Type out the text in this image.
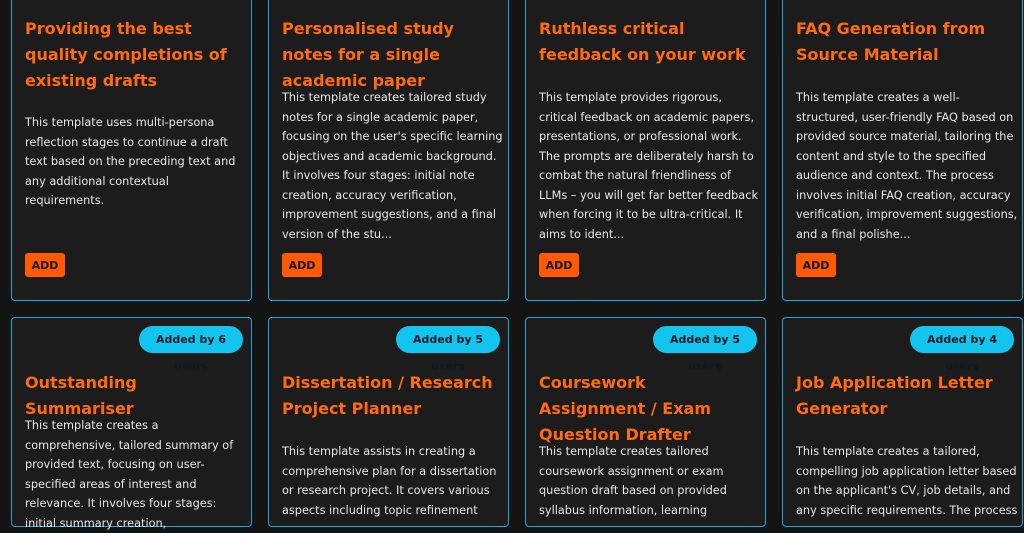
Providing the best quality completions of existing drafts
This template uses multi-persona reflection stages to continue a draft text based on the preceding text and any additional contextual requirements.
ADD
Personalised study notes for a single academic paper
This template creates tailored study notes for a single academic paper, focusing on the user's specific learning objectives and academic background. It involves four stages: initial note creation, accuracy verification, improvement suggestions, and a final version of the stu...
ADD
Ruthless critical feedback on your work
This template provides rigorous, critical feedback on academic papers, presentations, or professional work. The prompts are deliberately harsh to combat the natural friendliness of LLMs – you will get far better feedback when forcing it to be ultra-critical. It aims to ident...
ADD
FAQ Generation from Source Material
This template creates a well-structured, user-friendly FAQ based on provided source material, tailoring the content and style to the specified audience and context. The process involves initial FAQ creation, accuracy verification, improvement suggestions, and a final polishe...
ADD
Added by 6 users
Outstanding Summariser
This template creates a comprehensive, tailored summary of provided text, focusing on user-specified areas of interest and relevance. It involves four stages: initial summary creation,
Added by 5 users
Dissertation / Research Project Planner
This template assists in creating a comprehensive plan for a dissertation or research project. It covers various aspects including topic refinement
Added by 5 users
Coursework Assignment / Exam Question Drafter
This template creates tailored coursework assignment or exam question draft based on provided syllabus information, learning
Added by 4 users
Job Application Letter Generator
This template creates a tailored, compelling job application letter based on the applicant's CV, job details, and any specific requirements. The process
